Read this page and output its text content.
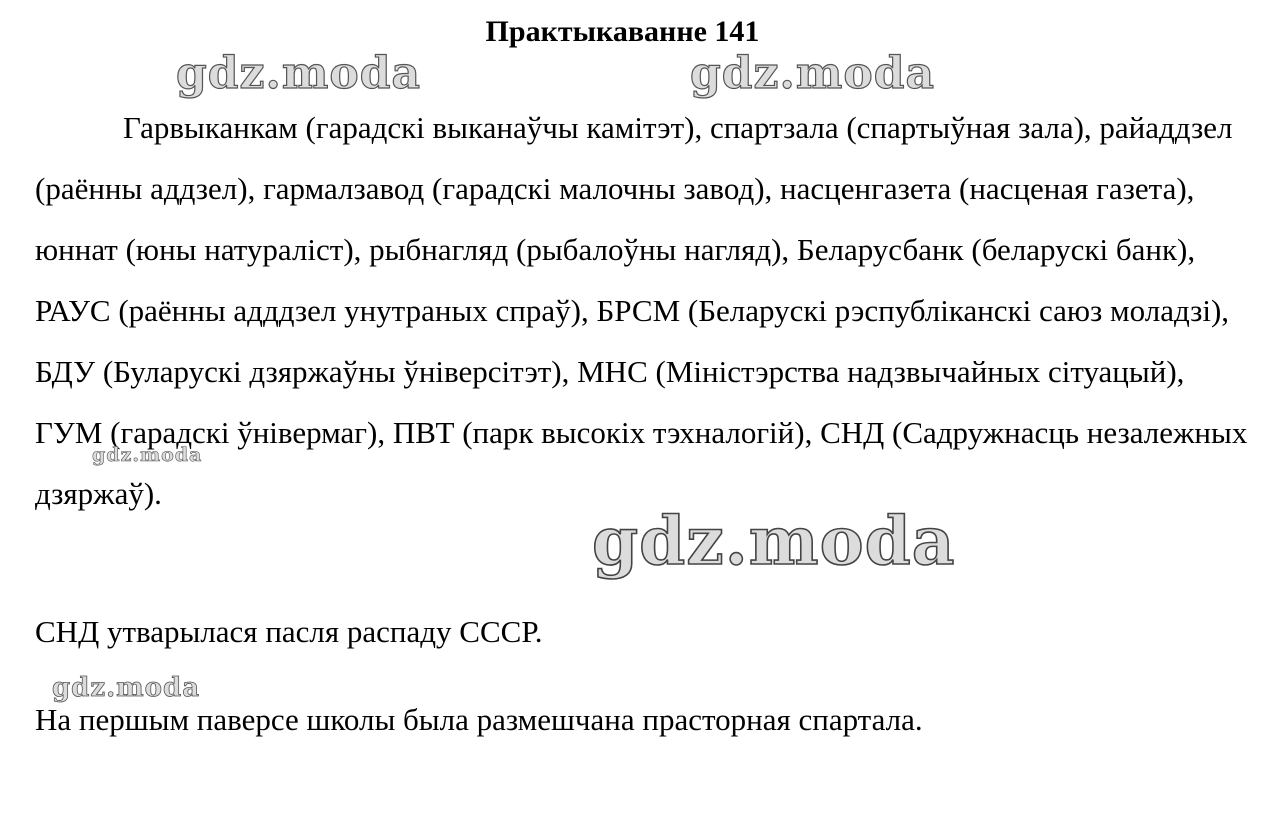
Практыкаванне 141

Гарвыканкам (гарадскі выканаўчы камітэт), спартзала (спартыўная зала), райаддзел (раённы аддзел), гармалзавод (гарадскі малочны завод), насценгазета (насценая газета), юннат (юны натураліст), рыбнагляд (рыбалоўны нагляд), Беларусбанк (беларускі банк), РАУС (раённы адддзел унутраных спраў), БРСМ (Беларускі рэспубліканскі саюз моладзі), БДУ (Буларускі дзяржаўны ўніверсітэт), МНС (Міністэрства надзвычайных сітуацый), ГУМ (гарадскі ўнівермаг), ПВТ (парк высокіх тэхналогій), СНД (Садружнасць незалежных дзяржаў).

СНД утварылася пасля распаду СССР.
На першым паверсе школы была размешчана прасторная спартала.
gdz.moda	gdz.moda
gdz.moda
gdz.moda
gdz.moda
